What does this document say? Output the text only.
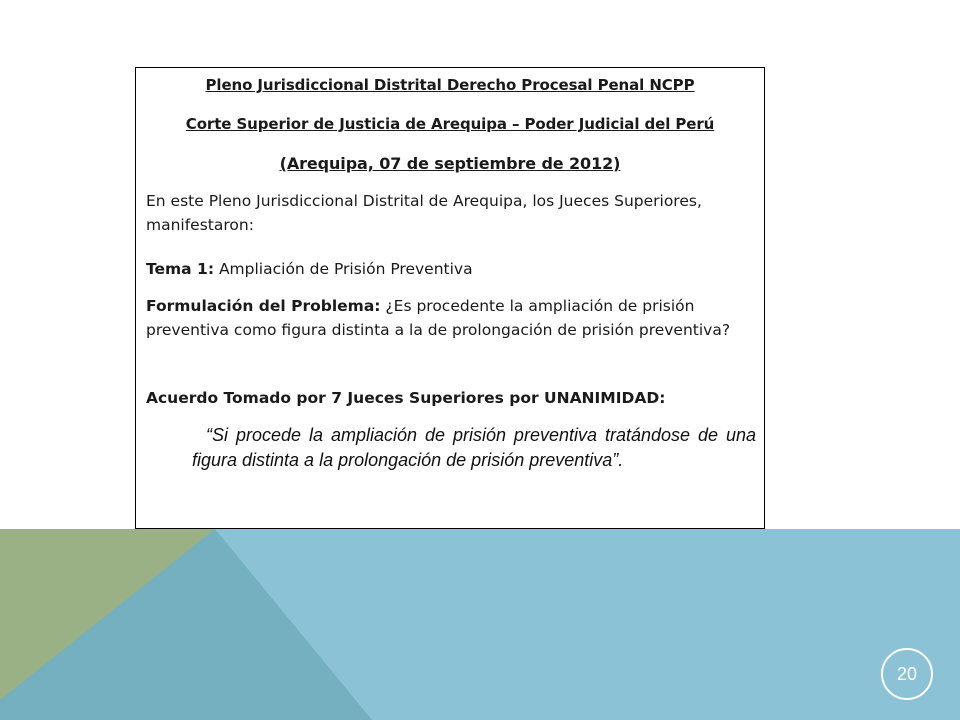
Pleno Jurisdiccional Distrital Derecho Procesal Penal NCPP
Corte Superior de Justicia de Arequipa – Poder Judicial del Perú
(Arequipa, 07 de septiembre de 2012)
En este Pleno Jurisdiccional Distrital de Arequipa, los Jueces Superiores, manifestaron:
Tema 1: Ampliación de Prisión Preventiva
Formulación del Problema: ¿Es procedente la ampliación de prisión preventiva como figura distinta a la de prolongación de prisión preventiva?
Acuerdo Tomado por 7 Jueces Superiores por UNANIMIDAD:
“Si procede la ampliación de prisión preventiva tratándose de una figura distinta a la prolongación de prisión preventiva”.
20
